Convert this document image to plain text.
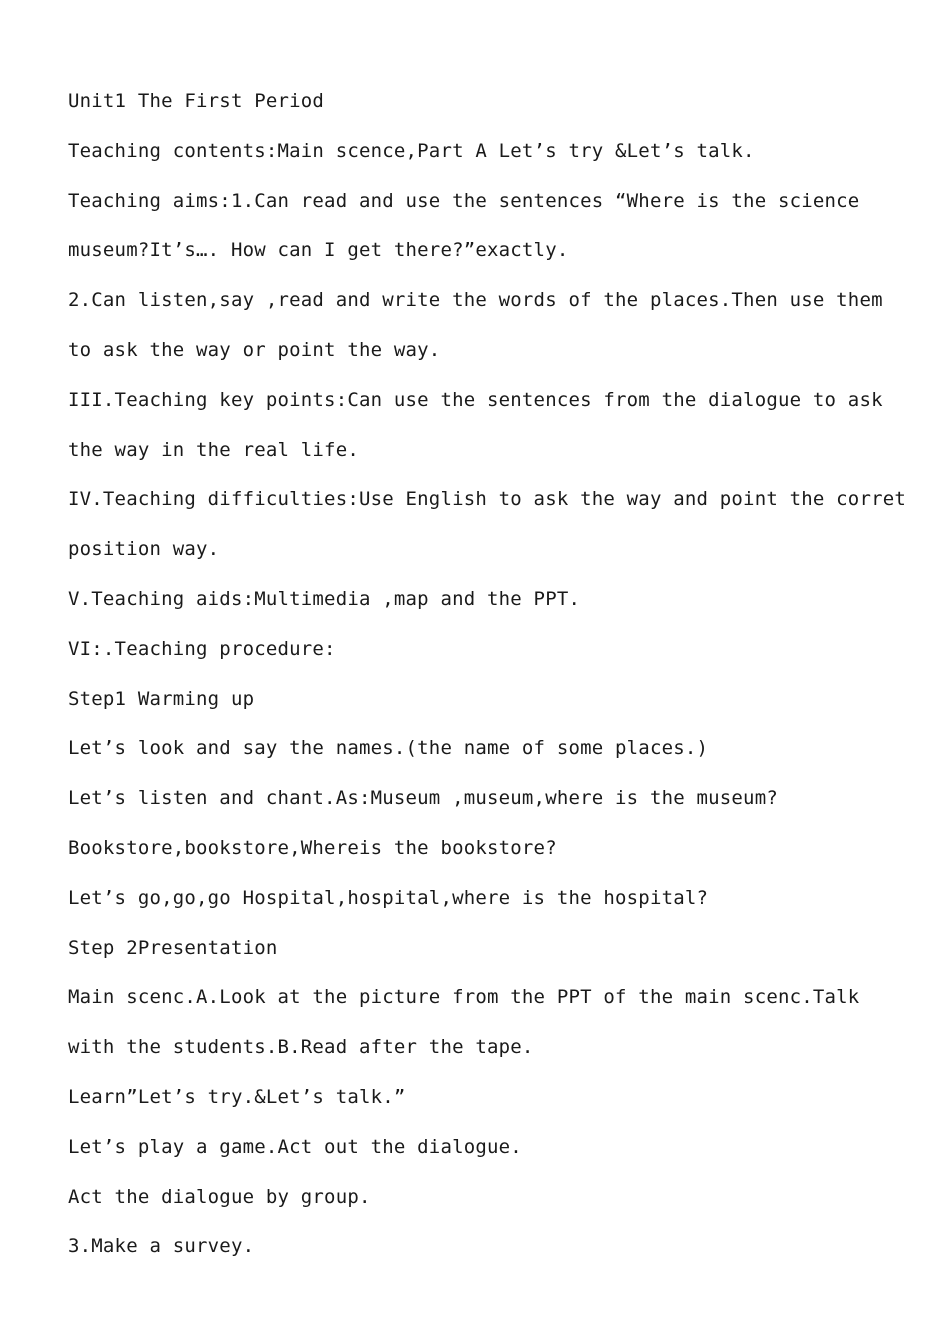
Unit1 The First Period
Teaching contents:Main scence,Part A Let’s try &Let’s talk.
Teaching aims:1.Can read and use the sentences “Where is the science
museum?It’s…. How can I get there?”exactly.
2.Can listen,say ,read and write the words of the places.Then use them
to ask the way or point the way.
III.Teaching key points:Can use the sentences from the dialogue to ask
the way in the real life.
IV.Teaching difficulties:Use English to ask the way and point the corret
position way.
V.Teaching aids:Multimedia ,map and the PPT.
VI:.Teaching procedure:
Step1 Warming up
Let’s look and say the names.(the name of some places.)
Let’s listen and chant.As:Museum ,museum,where is the museum?
Bookstore,bookstore,Whereis the bookstore?
Let’s go,go,go Hospital,hospital,where is the hospital?
Step 2Presentation
Main scenc.A.Look at the picture from the PPT of the main scenc.Talk
with the students.B.Read after the tape.
Learn”Let’s try.&Let’s talk.”
Let’s play a game.Act out the dialogue.
Act the dialogue by group.
3.Make a survey.
